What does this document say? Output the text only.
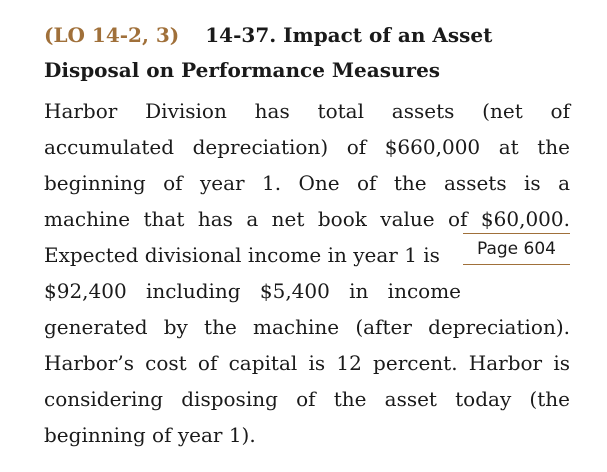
(LO 14-2, 3) 14-37. Impact of an Asset
Disposal on Performance Measures
Harbor Division has total assets (net of
accumulated depreciation) of $660,000 at the
beginning of year 1. One of the assets is a
machine that has a net book value of $60,000.
Expected divisional income in year 1 is
$92,400 including $5,400 in income
generated by the machine (after depreciation).
Harbor’s cost of capital is 12 percent. Harbor is
considering disposing of the asset today (the
beginning of year 1).
Page 604
